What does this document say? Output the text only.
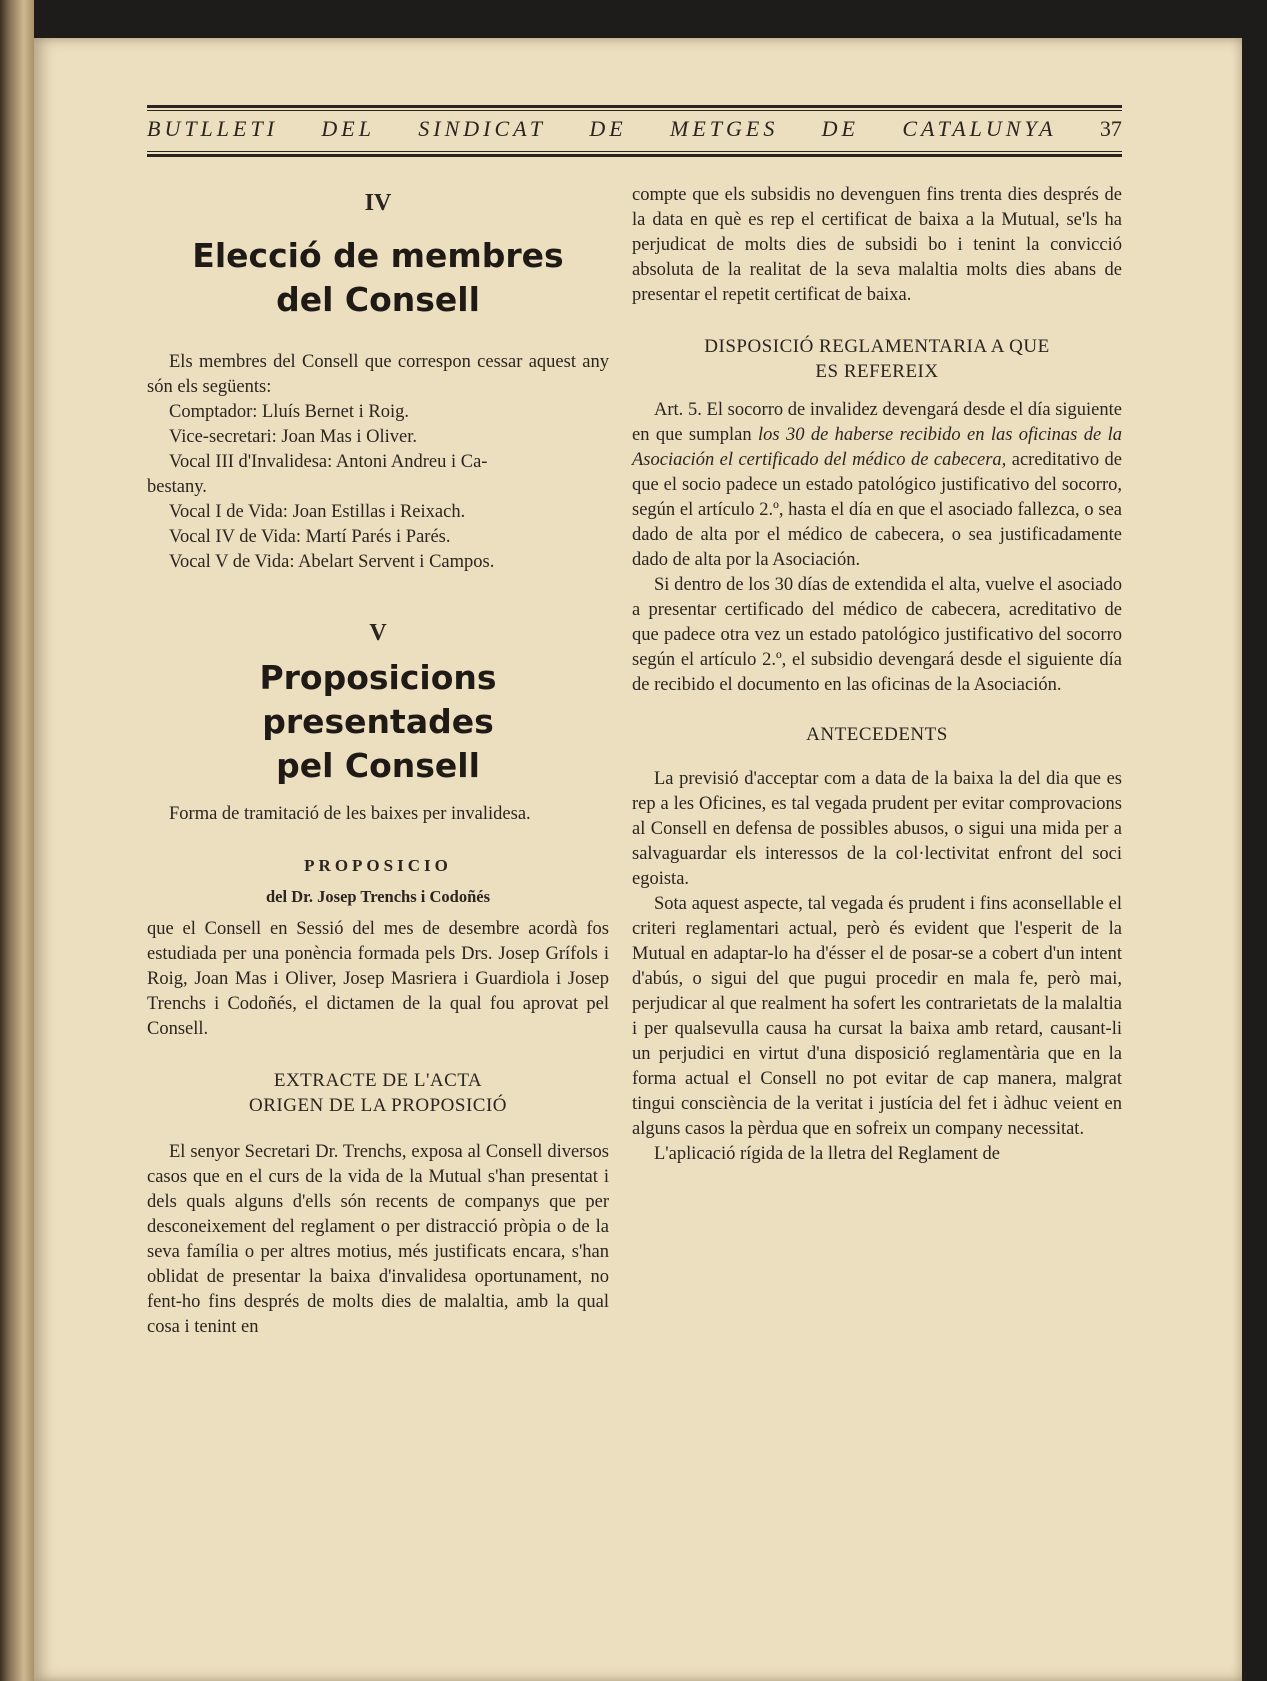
BUTLLETI DEL SINDICAT DE METGES DE CATALUNYA 37

IV

Elecció de membres
del Consell

Els membres del Consell que correspon cessar aquest any són els següents:

Comptador: Lluís Bernet i Roig.

Vice-secretari: Joan Mas i Oliver.

Vocal III d'Invalidesa: Antoni Andreu i Ca-

bestany.

Vocal I de Vida: Joan Estillas i Reixach.

Vocal IV de Vida: Martí Parés i Parés.

Vocal V de Vida: Abelart Servent i Campos.

V

Proposicions presentades
pel Consell

Forma de tramitació de les baixes per invalidesa.

PROPOSICIO

del Dr. Josep Trenchs i Codoñés

que el Consell en Sessió del mes de desembre acordà fos estudiada per una ponència formada pels Drs. Josep Grífols i Roig, Joan Mas i Oliver, Josep Masriera i Guardiola i Josep Trenchs i Codoñés, el dictamen de la qual fou aprovat pel Consell.

EXTRACTE DE L'ACTA

ORIGEN DE LA PROPOSICIÓ

El senyor Secretari Dr. Trenchs, exposa al Consell diversos casos que en el curs de la vida de la Mutual s'han presentat i dels quals alguns d'ells són recents de companys que per desconeixement del reglament o per distracció pròpia o de la seva família o per altres motius, més justificats encara, s'han oblidat de presentar la baixa d'invalidesa oportunament, no fent-ho fins després de molts dies de malaltia, amb la qual cosa i tenint en

compte que els subsidis no devenguen fins trenta dies després de la data en què es rep el certificat de baixa a la Mutual, se'ls ha perjudicat de molts dies de subsidi bo i tenint la convicció absoluta de la realitat de la seva malaltia molts dies abans de presentar el repetit certificat de baixa.

DISPOSICIÓ REGLAMENTARIA A QUE

ES REFEREIX

Art. 5. El socorro de invalidez devengará desde el día siguiente en que sumplan los 30 de haberse recibido en las oficinas de la Asociación el certificado del médico de cabecera, acreditativo de que el socio padece un estado patológico justificativo del socorro, según el artículo 2.º, hasta el día en que el asociado fallezca, o sea dado de alta por el médico de cabecera, o sea justificadamente dado de alta por la Asociación.

Si dentro de los 30 días de extendida el alta, vuelve el asociado a presentar certificado del médico de cabecera, acreditativo de que padece otra vez un estado patológico justificativo del socorro según el artículo 2.º, el subsidio devengará desde el siguiente día de recibido el documento en las oficinas de la Asociación.

ANTECEDENTS

La previsió d'acceptar com a data de la baixa la del dia que es rep a les Oficines, es tal vegada prudent per evitar comprovacions al Consell en defensa de possibles abusos, o sigui una mida per a salvaguardar els interessos de la col·lectivitat enfront del soci egoista.

Sota aquest aspecte, tal vegada és prudent i fins aconsellable el criteri reglamentari actual, però és evident que l'esperit de la Mutual en adaptar-lo ha d'ésser el de posar-se a cobert d'un intent d'abús, o sigui del que pugui procedir en mala fe, però mai, perjudicar al que realment ha sofert les contrarietats de la malaltia i per qualsevulla causa ha cursat la baixa amb retard, causant-li un perjudici en virtut d'una disposició reglamentària que en la forma actual el Consell no pot evitar de cap manera, malgrat tingui consciència de la veritat i justícia del fet i àdhuc veient en alguns casos la pèrdua que en sofreix un company necessitat.

L'aplicació rígida de la lletra del Reglament de
